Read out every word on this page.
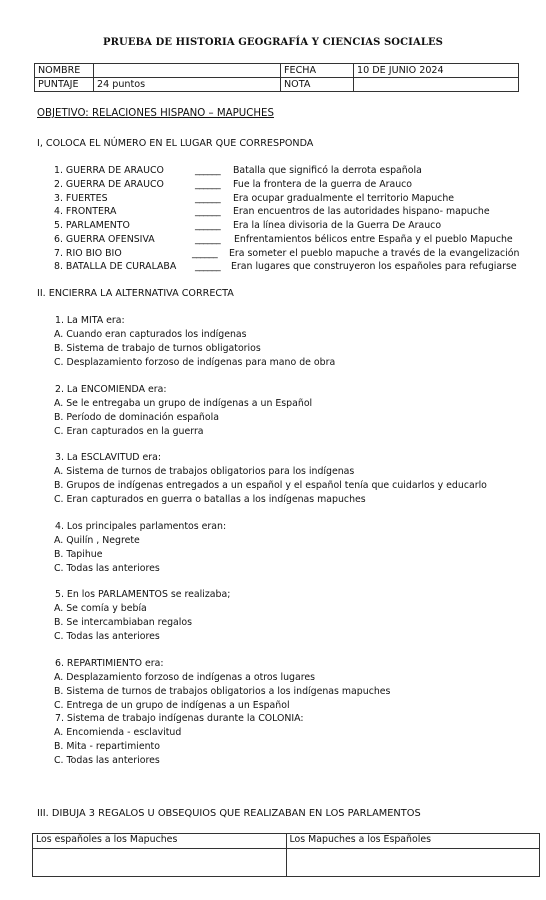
PRUEBA DE HISTORIA GEOGRAFÍA Y CIENCIAS SOCIALES
NOMBRE		FECHA	10 DE JUNIO 2024
PUNTAJE	24 puntos	NOTA	
OBJETIVO: RELACIONES HISPANO – MAPUCHES
I, COLOCA EL NÚMERO EN EL LUGAR QUE CORRESPONDA
1. GUERRA DE ARAUCO	______ Batalla que significó la derrota española
2. GUERRA DE ARAUCO	______ Fue la frontera de la guerra de Arauco
3. FUERTES	______ Era ocupar gradualmente el territorio Mapuche
4. FRONTERA	______ Eran encuentros de las autoridades hispano- mapuche
5. PARLAMENTO	______ Era la línea divisoria de la Guerra De Arauco
6. GUERRA OFENSIVA	______ Enfrentamientos bélicos entre España y el pueblo Mapuche
7. RIO BIO BIO	______ Era someter el pueblo mapuche a través de la evangelización
8. BATALLA DE CURALABA ______ Eran lugares que construyeron los españoles para refugiarse
II. ENCIERRA LA ALTERNATIVA CORRECTA
1. La MITA era:
A. Cuando eran capturados los indígenas
B. Sistema de trabajo de turnos obligatorios
C. Desplazamiento forzoso de indígenas para mano de obra
2. La ENCOMIENDA era:
A. Se le entregaba un grupo de indígenas a un Español
B. Período de dominación española
C. Eran capturados en la guerra
3. La ESCLAVITUD era:
A. Sistema de turnos de trabajos obligatorios para los indígenas
B. Grupos de indígenas entregados a un español y el español tenía que cuidarlos y educarlo
C. Eran capturados en guerra o batallas a los indígenas mapuches
4. Los principales parlamentos eran:
A. Quilín , Negrete
B. Tapihue
C. Todas las anteriores
5. En los PARLAMENTOS se realizaba;
A. Se comía y bebía
B. Se intercambiaban regalos
C. Todas las anteriores
6. REPARTIMIENTO era:
A. Desplazamiento forzoso de indígenas a otros lugares
B. Sistema de turnos de trabajos obligatorios a los indígenas mapuches
C. Entrega de un grupo de indígenas a un Español
7. Sistema de trabajo indígenas durante la COLONIA:
A. Encomienda - esclavitud
B. Mita - repartimiento
C. Todas las anteriores
III. DIBUJA 3 REGALOS U OBSEQUIOS QUE REALIZABAN EN LOS PARLAMENTOS
Los españoles a los Mapuches	Los Mapuches a los Españoles
